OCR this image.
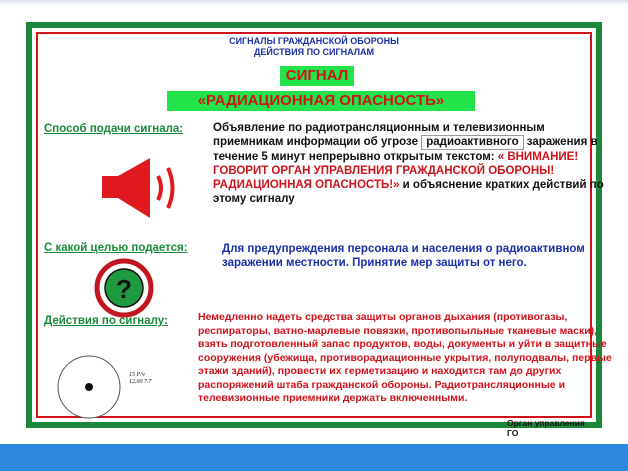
СИГНАЛЫ ГРАЖДАНСКОЙ ОБОРОНЫ
ДЕЙСТВИЯ ПО СИГНАЛАМ
СИГНАЛ
«РАДИАЦИОННАЯ ОПАСНОСТЬ»
Способ подачи сигнала:	Объявление по радиотрансляционным и телевизионным приемникам информации об угрозе радиоактивного заражения в течение 5 минут непрерывно открытым текстом: « ВНИМАНИЕ! ГОВОРИТ ОРГАН УПРАВЛЕНИЯ ГРАЖДАНСКОЙ ОБОРОНЫ! РАДИАЦИОННАЯ ОПАСНОСТЬ!» и объяснение кратких действий по этому сигналу
С какой целью подается:	Для предупреждения персонала и населения о радиоактивном заражении местности. Принятие мер защиты от него.
?
Действия по сигналу:	Немедленно надеть средства защиты органов дыхания (противогазы, респираторы, ватно-марлевые повязки, противопыльные тканевые маски), взять подготовленный запас продуктов, воды, документы и уйти в защитные сооружения (убежища, противорадиационные укрытия, полуподвалы, первые этажи зданий), провести их герметизацию и находится там до других распоряжений штаба гражданской обороны. Радиотрансляционные и телевизионные приемники держать включенными.
15 Р/ч
12.00 7.7
Орган управления ГО
